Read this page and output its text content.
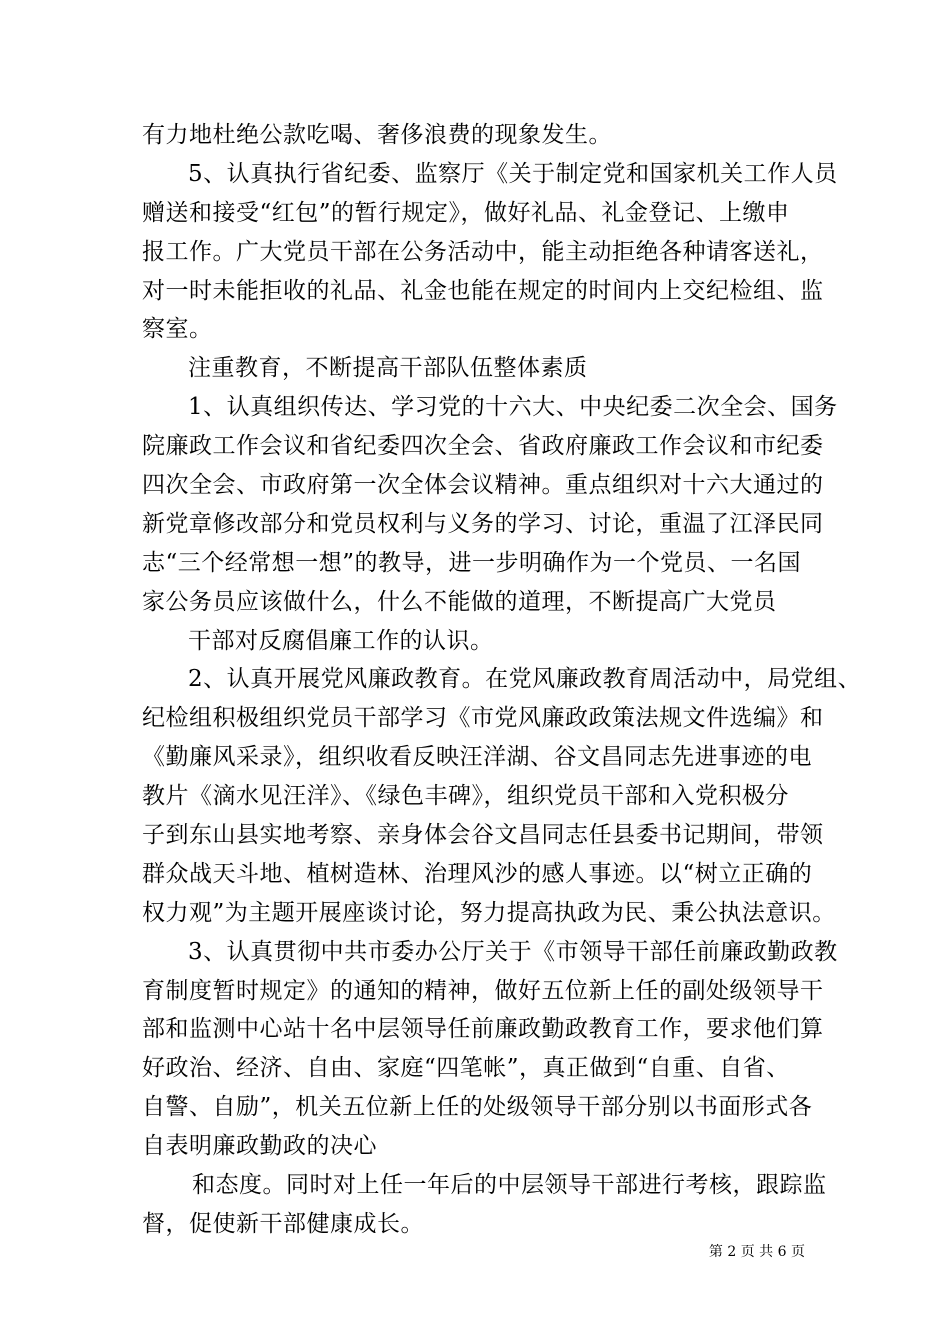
有力地杜绝公款吃喝、奢侈浪费的现象发生。
5、认真执行省纪委、监察厅《关于制定党和国家机关工作人员
赠送和接受“红包”的暂行规定》，做好礼品、礼金登记、上缴申
报工作。广大党员干部在公务活动中，能主动拒绝各种请客送礼，
对一时未能拒收的礼品、礼金也能在规定的时间内上交纪检组、监
察室。
注重教育，不断提高干部队伍整体素质
1、认真组织传达、学习党的十六大、中央纪委二次全会、国务
院廉政工作会议和省纪委四次全会、省政府廉政工作会议和市纪委
四次全会、市政府第一次全体会议精神。重点组织对十六大通过的
新党章修改部分和党员权利与义务的学习、讨论，重温了江泽民同
志“三个经常想一想”的教导，进一步明确作为一个党员、一名国
家公务员应该做什么，什么不能做的道理，不断提高广大党员
干部对反腐倡廉工作的认识。
2、认真开展党风廉政教育。在党风廉政教育周活动中，局党组、
纪检组积极组织党员干部学习《市党风廉政政策法规文件选编》和
《勤廉风采录》，组织收看反映汪洋湖、谷文昌同志先进事迹的电
教片《滴水见汪洋》、《绿色丰碑》，组织党员干部和入党积极分
子到东山县实地考察、亲身体会谷文昌同志任县委书记期间，带领
群众战天斗地、植树造林、治理风沙的感人事迹。以“树立正确的
权力观”为主题开展座谈讨论，努力提高执政为民、秉公执法意识。
3、认真贯彻中共市委办公厅关于《市领导干部任前廉政勤政教
育制度暂时规定》的通知的精神，做好五位新上任的副处级领导干
部和监测中心站十名中层领导任前廉政勤政教育工作，要求他们算
好政治、经济、自由、家庭“四笔帐”，真正做到“自重、自省、
自警、自励”，机关五位新上任的处级领导干部分别以书面形式各
自表明廉政勤政的决心
和态度。同时对上任一年后的中层领导干部进行考核，跟踪监
督，促使新干部健康成长。
第 2 页 共 6 页
